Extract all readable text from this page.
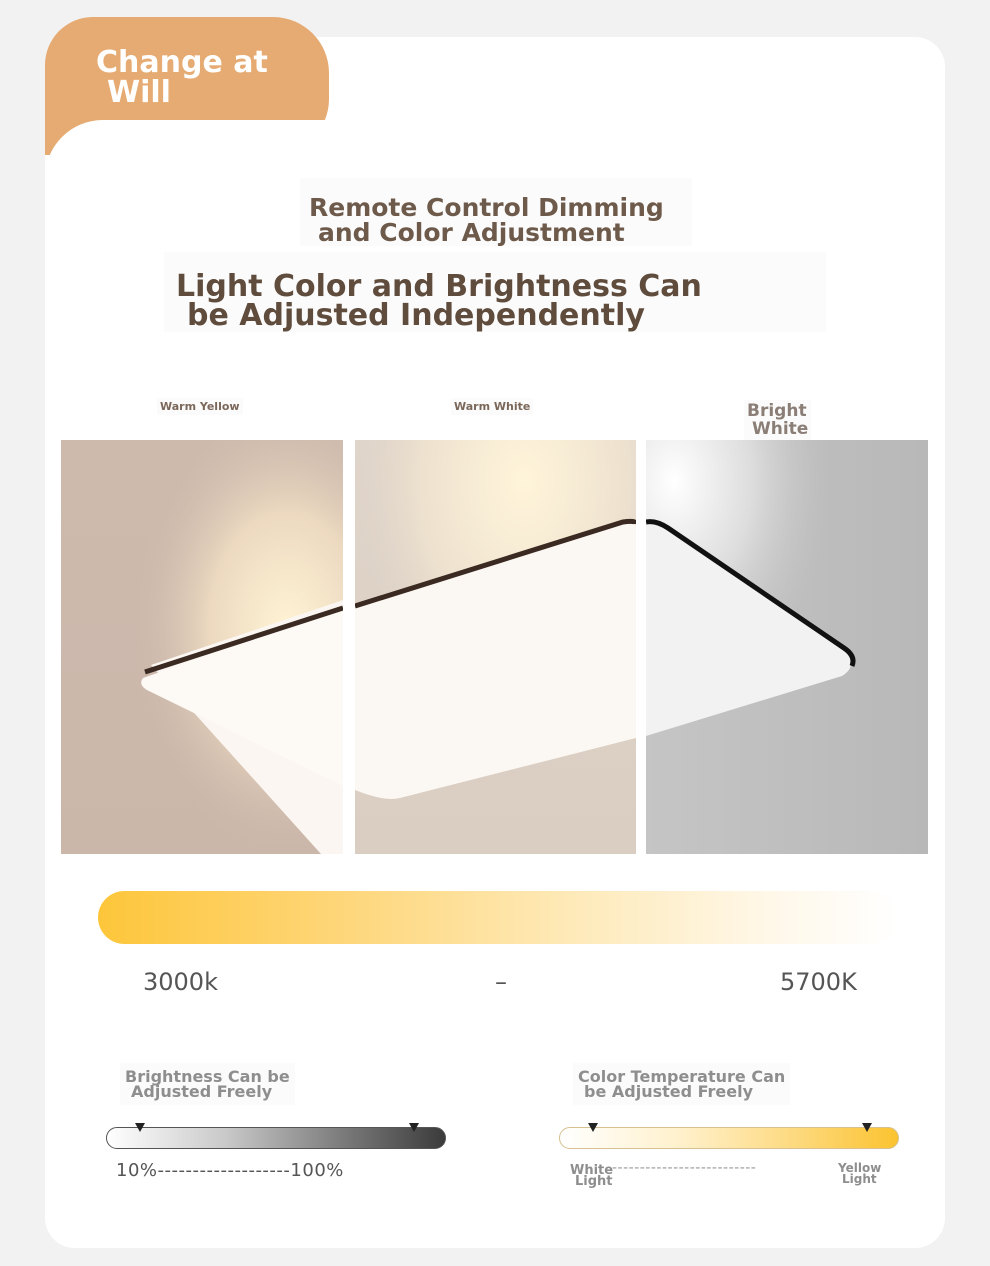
Change at
Will
Remote Control Dimming
and Color Adjustment
Light Color and Brightness Can
be Adjusted Independently
Warm Yellow	Warm White	Bright
White
3000k	–	5700K
Brightness Can be
Adjusted Freely
10%-------------------100%
Color Temperature Can
be Adjusted Freely
White
Light
--------------------------	Yellow
Light
